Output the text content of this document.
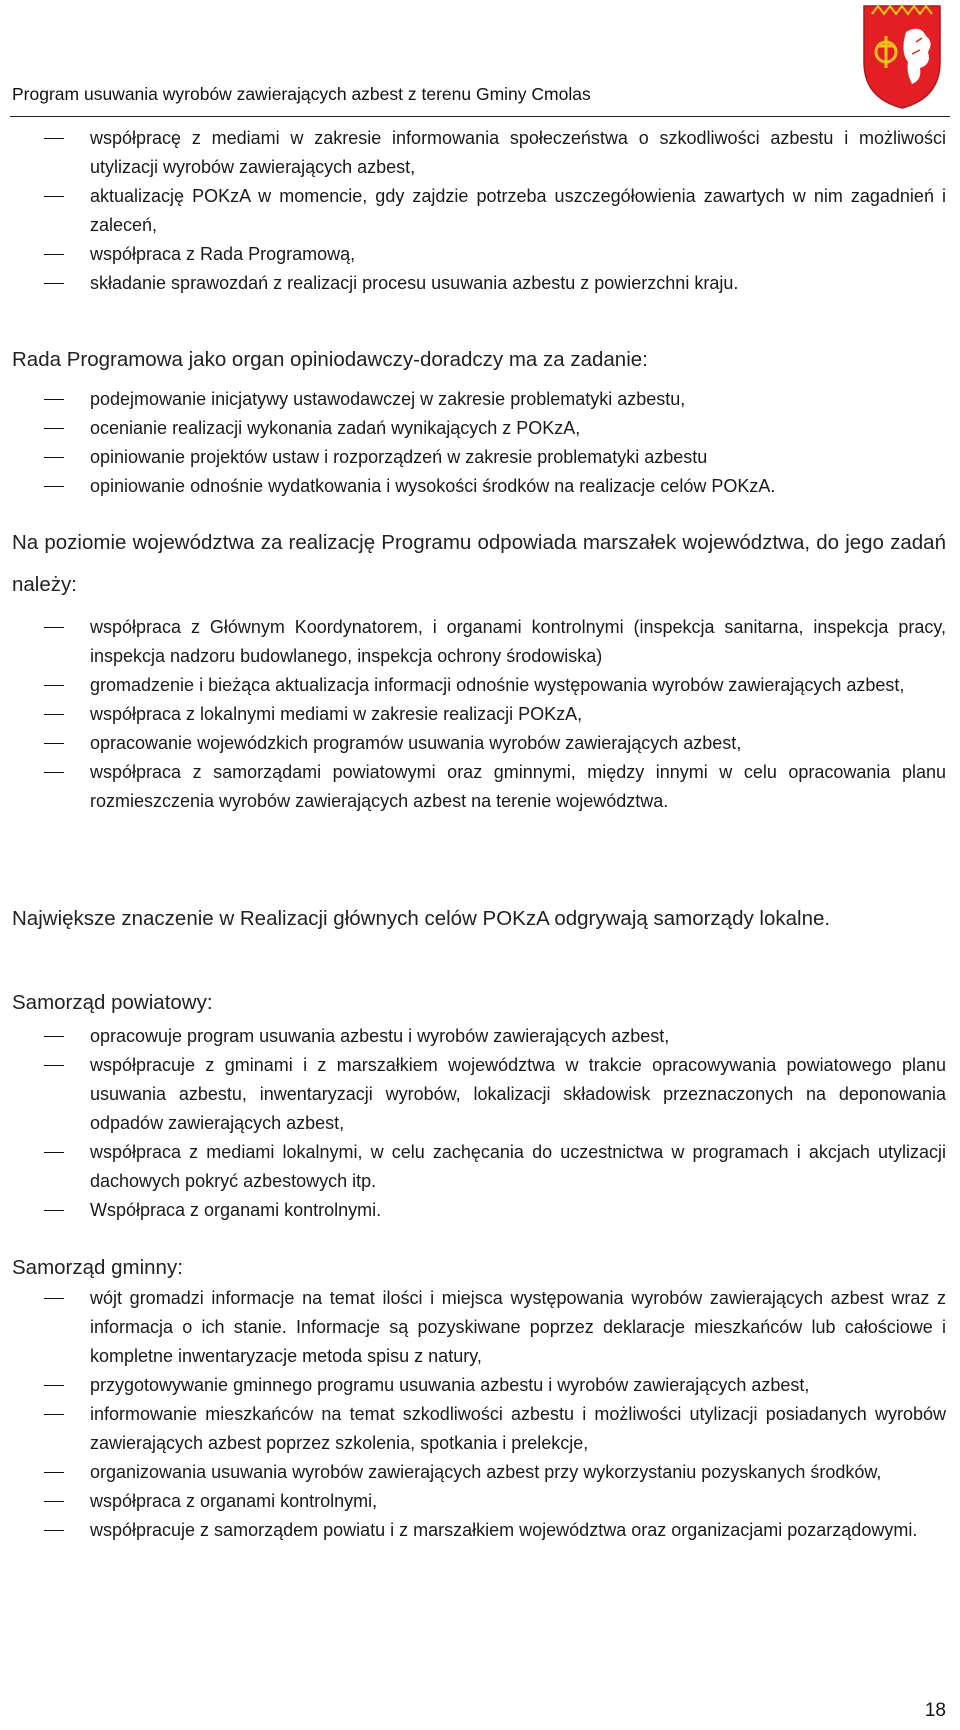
Program usuwania wyrobów zawierających azbest z terenu Gminy Cmolas
współpracę z mediami w zakresie informowania społeczeństwa o szkodliwości azbestu i możliwości utylizacji wyrobów zawierających azbest,
aktualizację POKzA w momencie, gdy zajdzie potrzeba uszczegółowienia zawartych w nim zagadnień i zaleceń,
współpraca z Rada Programową,
składanie sprawozdań z realizacji procesu usuwania azbestu z powierzchni kraju.
Rada Programowa jako organ opiniodawczy-doradczy ma za zadanie:
podejmowanie inicjatywy ustawodawczej w zakresie problematyki azbestu,
ocenianie realizacji wykonania zadań wynikających z POKzA,
opiniowanie projektów ustaw i rozporządzeń w zakresie problematyki azbestu
opiniowanie odnośnie wydatkowania i wysokości środków na realizacje celów POKzA.
Na poziomie województwa za realizację Programu odpowiada marszałek województwa, do jego zadań należy:
współpraca z Głównym Koordynatorem, i organami kontrolnymi (inspekcja sanitarna, inspekcja pracy, inspekcja nadzoru budowlanego, inspekcja ochrony środowiska)
gromadzenie i bieżąca aktualizacja informacji odnośnie występowania wyrobów zawierających azbest,
współpraca z lokalnymi mediami w zakresie realizacji POKzA,
opracowanie wojewódzkich programów usuwania wyrobów zawierających azbest,
współpraca z samorządami powiatowymi oraz gminnymi, między innymi w celu opracowania planu rozmieszczenia wyrobów zawierających azbest na terenie województwa.
Największe znaczenie w Realizacji głównych celów POKzA odgrywają samorządy lokalne.
Samorząd powiatowy:
opracowuje program usuwania azbestu i wyrobów zawierających azbest,
współpracuje z gminami i z marszałkiem województwa w trakcie opracowywania powiatowego planu usuwania azbestu, inwentaryzacji wyrobów, lokalizacji składowisk przeznaczonych na deponowania odpadów zawierających azbest,
współpraca z mediami lokalnymi, w celu zachęcania do uczestnictwa w programach i akcjach utylizacji dachowych pokryć azbestowych itp.
Współpraca z organami kontrolnymi.
Samorząd gminny:
wójt gromadzi informacje na temat ilości i miejsca występowania wyrobów zawierających azbest wraz z informacja o ich stanie. Informacje są pozyskiwane poprzez deklaracje mieszkańców lub całościowe i kompletne inwentaryzacje metoda spisu z natury,
przygotowywanie gminnego programu usuwania azbestu i wyrobów zawierających azbest,
informowanie mieszkańców na temat szkodliwości azbestu i możliwości utylizacji posiadanych wyrobów zawierających azbest poprzez szkolenia, spotkania i prelekcje,
organizowania usuwania wyrobów zawierających azbest przy wykorzystaniu pozyskanych środków,
współpraca z organami kontrolnymi,
współpracuje z samorządem powiatu i z marszałkiem województwa oraz organizacjami pozarządowymi.
18
